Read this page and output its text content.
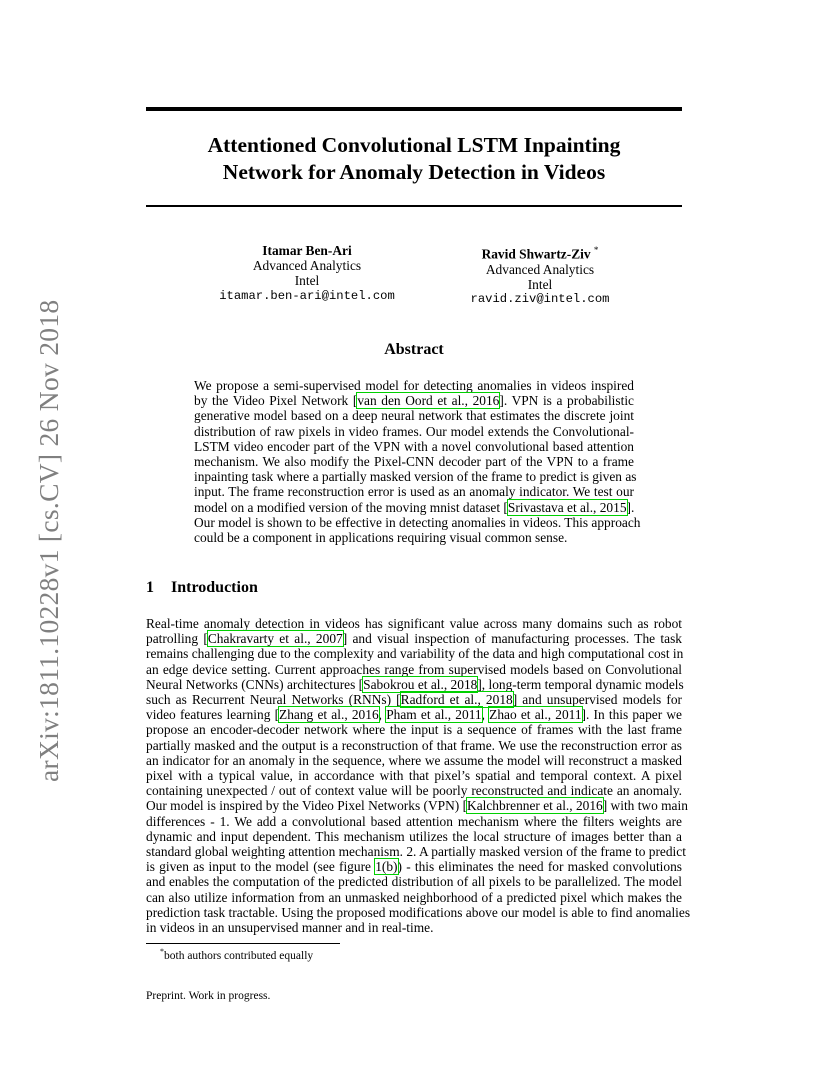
arXiv:1811.10228v1 [cs.CV] 26 Nov 2018
Attentioned Convolutional LSTM Inpainting
Network for Anomaly Detection in Videos
Itamar Ben-Ari
Advanced Analytics
Intel
itamar.ben-ari@intel.com
Ravid Shwartz-Ziv *
Advanced Analytics
Intel
ravid.ziv@intel.com
Abstract
We propose a semi-supervised model for detecting anomalies in videos inspired
by the Video Pixel Network [van den Oord et al., 2016]. VPN is a probabilistic
generative model based on a deep neural network that estimates the discrete joint
distribution of raw pixels in video frames. Our model extends the Convolutional-
LSTM video encoder part of the VPN with a novel convolutional based attention
mechanism. We also modify the Pixel-CNN decoder part of the VPN to a frame
inpainting task where a partially masked version of the frame to predict is given as
input. The frame reconstruction error is used as an anomaly indicator. We test our
model on a modified version of the moving mnist dataset [Srivastava et al., 2015].
Our model is shown to be effective in detecting anomalies in videos. This approach
could be a component in applications requiring visual common sense.
1 Introduction
Real-time anomaly detection in videos has significant value across many domains such as robot
patrolling [Chakravarty et al., 2007] and visual inspection of manufacturing processes. The task
remains challenging due to the complexity and variability of the data and high computational cost in
an edge device setting. Current approaches range from supervised models based on Convolutional
Neural Networks (CNNs) architectures [Sabokrou et al., 2018], long-term temporal dynamic models
such as Recurrent Neural Networks (RNNs) [Radford et al., 2018] and unsupervised models for
video features learning [Zhang et al., 2016, Pham et al., 2011, Zhao et al., 2011]. In this paper we
propose an encoder-decoder network where the input is a sequence of frames with the last frame
partially masked and the output is a reconstruction of that frame. We use the reconstruction error as
an indicator for an anomaly in the sequence, where we assume the model will reconstruct a masked
pixel with a typical value, in accordance with that pixel’s spatial and temporal context. A pixel
containing unexpected / out of context value will be poorly reconstructed and indicate an anomaly.
Our model is inspired by the Video Pixel Networks (VPN) [Kalchbrenner et al., 2016] with two main
differences - 1. We add a convolutional based attention mechanism where the filters weights are
dynamic and input dependent. This mechanism utilizes the local structure of images better than a
standard global weighting attention mechanism. 2. A partially masked version of the frame to predict
is given as input to the model (see figure 1(b)) - this eliminates the need for masked convolutions
and enables the computation of the predicted distribution of all pixels to be parallelized. The model
can also utilize information from an unmasked neighborhood of a predicted pixel which makes the
prediction task tractable. Using the proposed modifications above our model is able to find anomalies
in videos in an unsupervised manner and in real-time.
*both authors contributed equally
Preprint. Work in progress.
